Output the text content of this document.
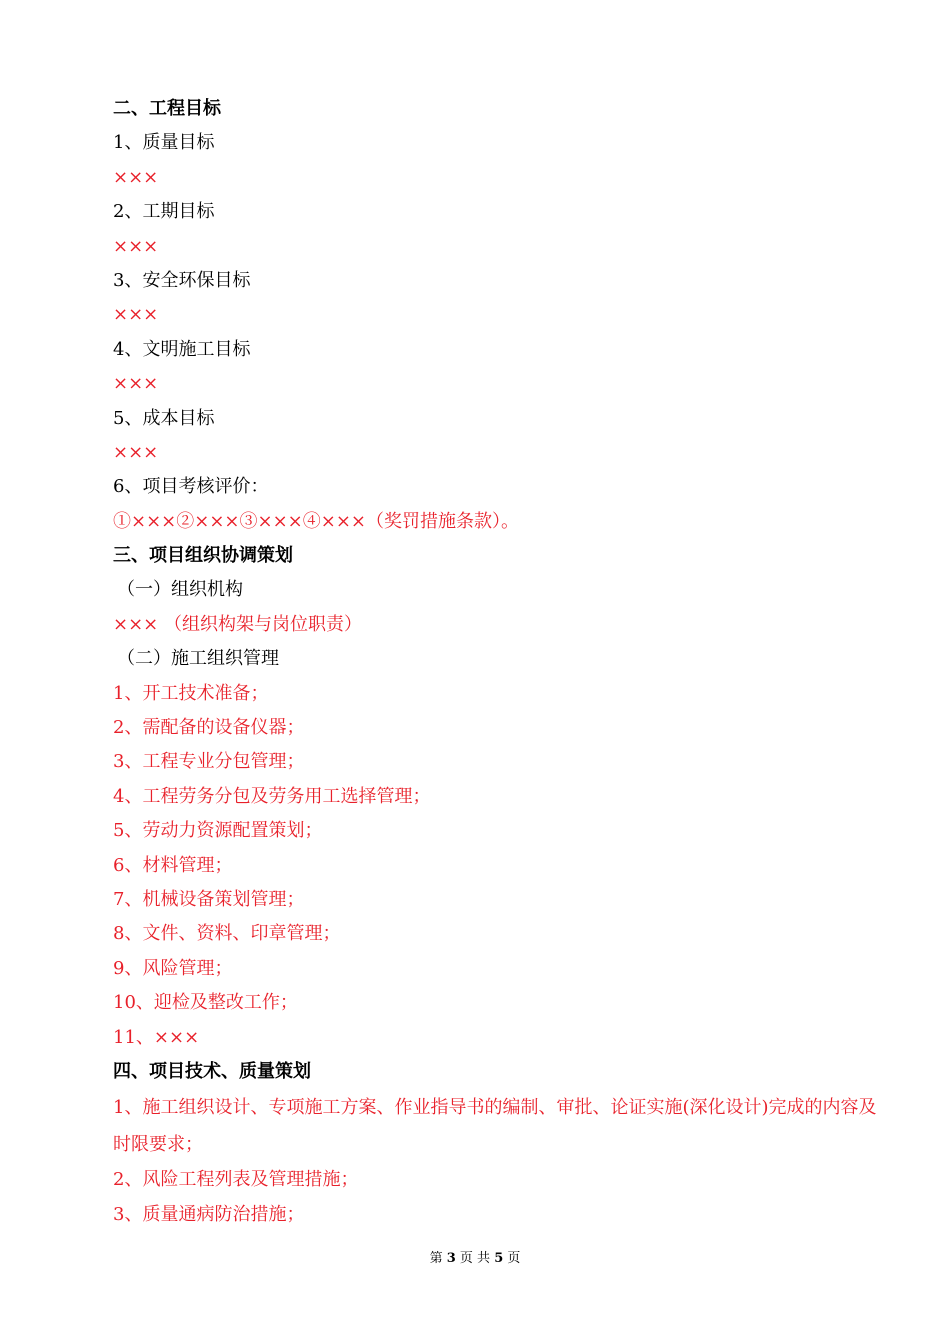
二、工程目标
1、质量目标
×××
2、工期目标
×××
3、安全环保目标
×××
4、文明施工目标
×××
5、成本目标
×××
6、项目考核评价：
①×××②×××③×××④×××（奖罚措施条款）。
三、项目组织协调策划
（一）组织机构
××× （组织构架与岗位职责）
（二）施工组织管理
1、开工技术准备；
2、需配备的设备仪器；
3、工程专业分包管理；
4、工程劳务分包及劳务用工选择管理；
5、劳动力资源配置策划；
6、材料管理；
7、机械设备策划管理；
8、文件、资料、印章管理；
9、风险管理；
10、迎检及整改工作；
11、×××
四、项目技术、质量策划
1、施工组织设计、专项施工方案、作业指导书的编制、审批、论证实施(深化设计)完成的内容及时限要求；
2、风险工程列表及管理措施；
3、质量通病防治措施；
第 3 页 共 5 页
